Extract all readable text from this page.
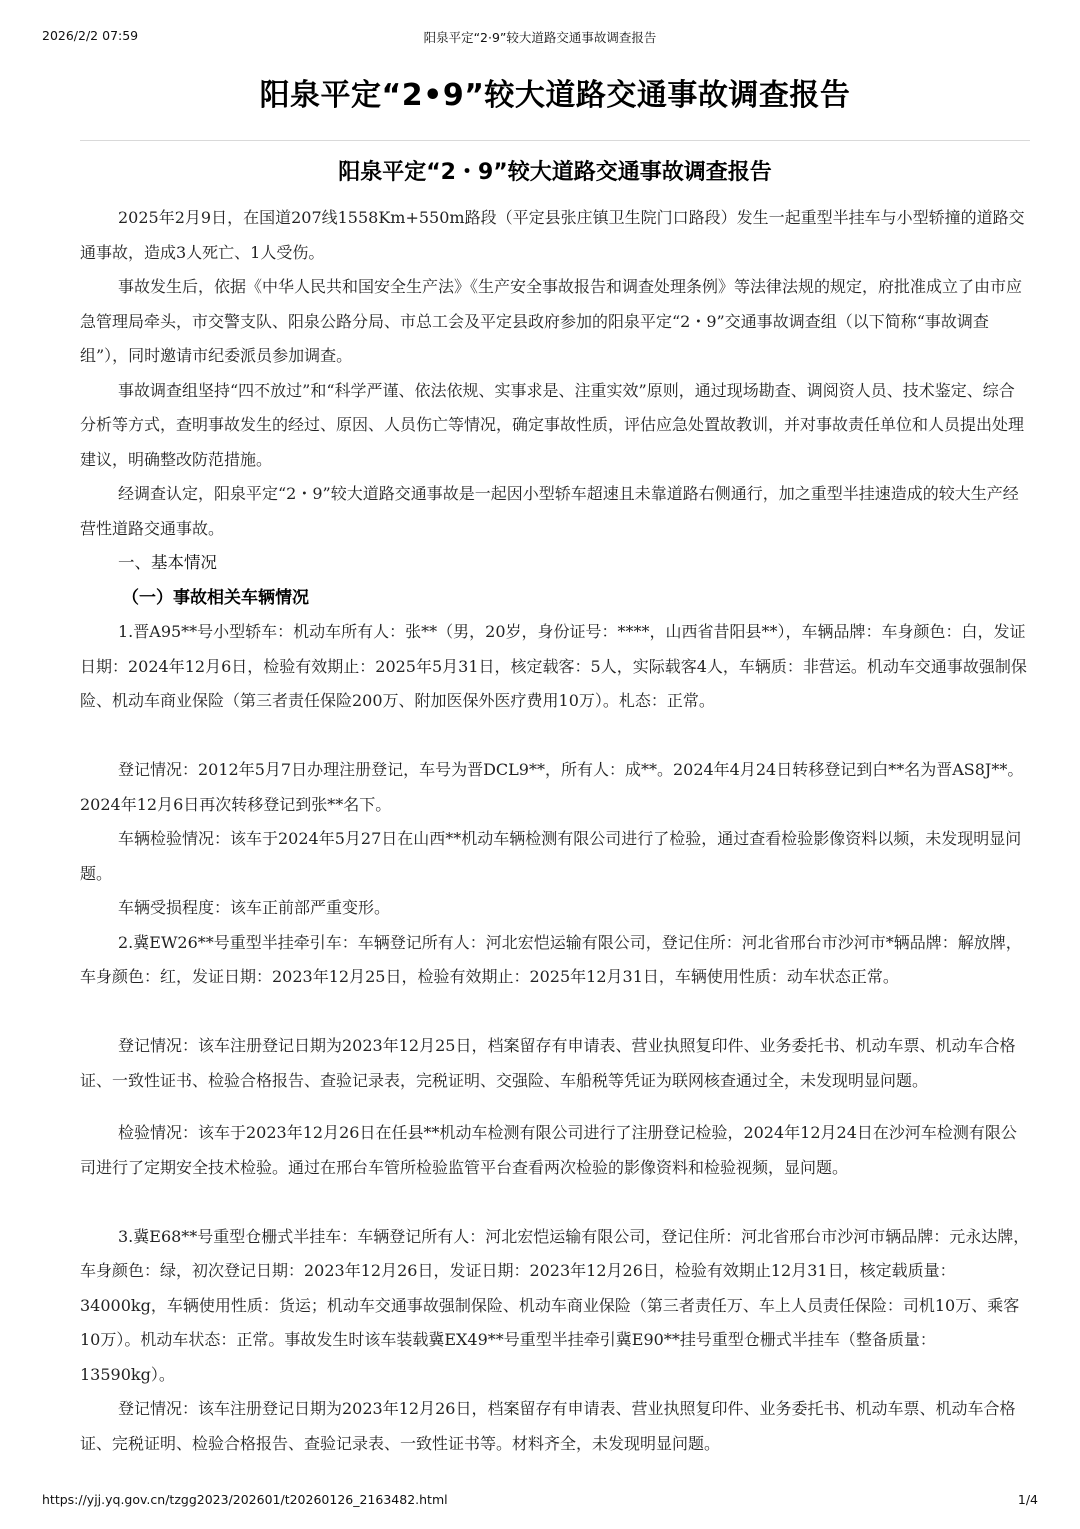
2026/2/2 07:59	阳泉平定“2·9”较大道路交通事故调查报告
阳泉平定“2•9”较大道路交通事故调查报告
阳泉平定“2・9”较大道路交通事故调查报告

2025年2月9日，在国道207线1558Km+550m路段（平定县张庄镇卫生院门口路段）发生一起重型半挂车与小型轿撞的道路交通事故，造成3人死亡、1人受伤。

事故发生后，依据《中华人民共和国安全生产法》《生产安全事故报告和调查处理条例》等法律法规的规定，府批准成立了由市应急管理局牵头，市交警支队、阳泉公路分局、市总工会及平定县政府参加的阳泉平定“2・9”交通事故调查组（以下简称“事故调查组”），同时邀请市纪委派员参加调查。

事故调查组坚持“四不放过”和“科学严谨、依法依规、实事求是、注重实效”原则，通过现场勘查、调阅资人员、技术鉴定、综合分析等方式，查明事故发生的经过、原因、人员伤亡等情况，确定事故性质，评估应急处置故教训，并对事故责任单位和人员提出处理建议，明确整改防范措施。

经调查认定，阳泉平定“2・9”较大道路交通事故是一起因小型轿车超速且未靠道路右侧通行，加之重型半挂速造成的较大生产经营性道路交通事故。

一、基本情况
（一）事故相关车辆情况

1.晋A95**号小型轿车：机动车所有人：张**（男，20岁，身份证号：****，山西省昔阳县**），车辆品牌：车身颜色：白，发证日期：2024年12月6日，检验有效期止：2025年5月31日，核定载客：5人，实际载客4人，车辆质：非营运。机动车交通事故强制保险、机动车商业保险（第三者责任保险200万、附加医保外医疗费用10万）。札态：正常。

登记情况：2012年5月7日办理注册登记，车号为晋DCL9**，所有人：成**。2024年4月24日转移登记到白**名为晋AS8J**。2024年12月6日再次转移登记到张**名下。

车辆检验情况：该车于2024年5月27日在山西**机动车辆检测有限公司进行了检验，通过查看检验影像资料以频，未发现明显问题。

车辆受损程度：该车正前部严重变形。

2.冀EW26**号重型半挂牵引车：车辆登记所有人：河北宏恺运输有限公司，登记住所：河北省邢台市沙河市*辆品牌：解放牌，车身颜色：红，发证日期：2023年12月25日，检验有效期止：2025年12月31日，车辆使用性质：动车状态正常。

登记情况：该车注册登记日期为2023年12月25日，档案留存有申请表、营业执照复印件、业务委托书、机动车票、机动车合格证、一致性证书、检验合格报告、查验记录表，完税证明、交强险、车船税等凭证为联网核查通过全，未发现明显问题。

检验情况：该车于2023年12月26日在任县**机动车检测有限公司进行了注册登记检验，2024年12月24日在沙河车检测有限公司进行了定期安全技术检验。通过在邢台车管所检验监管平台查看两次检验的影像资料和检验视频，显问题。

3.冀E68**号重型仓栅式半挂车：车辆登记所有人：河北宏恺运输有限公司，登记住所：河北省邢台市沙河市辆品牌：元永达牌，车身颜色：绿，初次登记日期：2023年12月26日，发证日期：2023年12月26日，检验有效期止12月31日，核定载质量：34000kg，车辆使用性质：货运；机动车交通事故强制保险、机动车商业保险（第三者责任万、车上人员责任保险：司机10万、乘客10万）。机动车状态：正常。事故发生时该车装载冀EX49**号重型半挂牵引冀E90**挂号重型仓栅式半挂车（整备质量：13590kg）。

登记情况：该车注册登记日期为2023年12月26日，档案留存有申请表、营业执照复印件、业务委托书、机动车票、机动车合格证、完税证明、检验合格报告、查验记录表、一致性证书等。材料齐全，未发现明显问题。

https://yjj.yq.gov.cn/tzgg2023/202601/t20260126_2163482.html	1/4
